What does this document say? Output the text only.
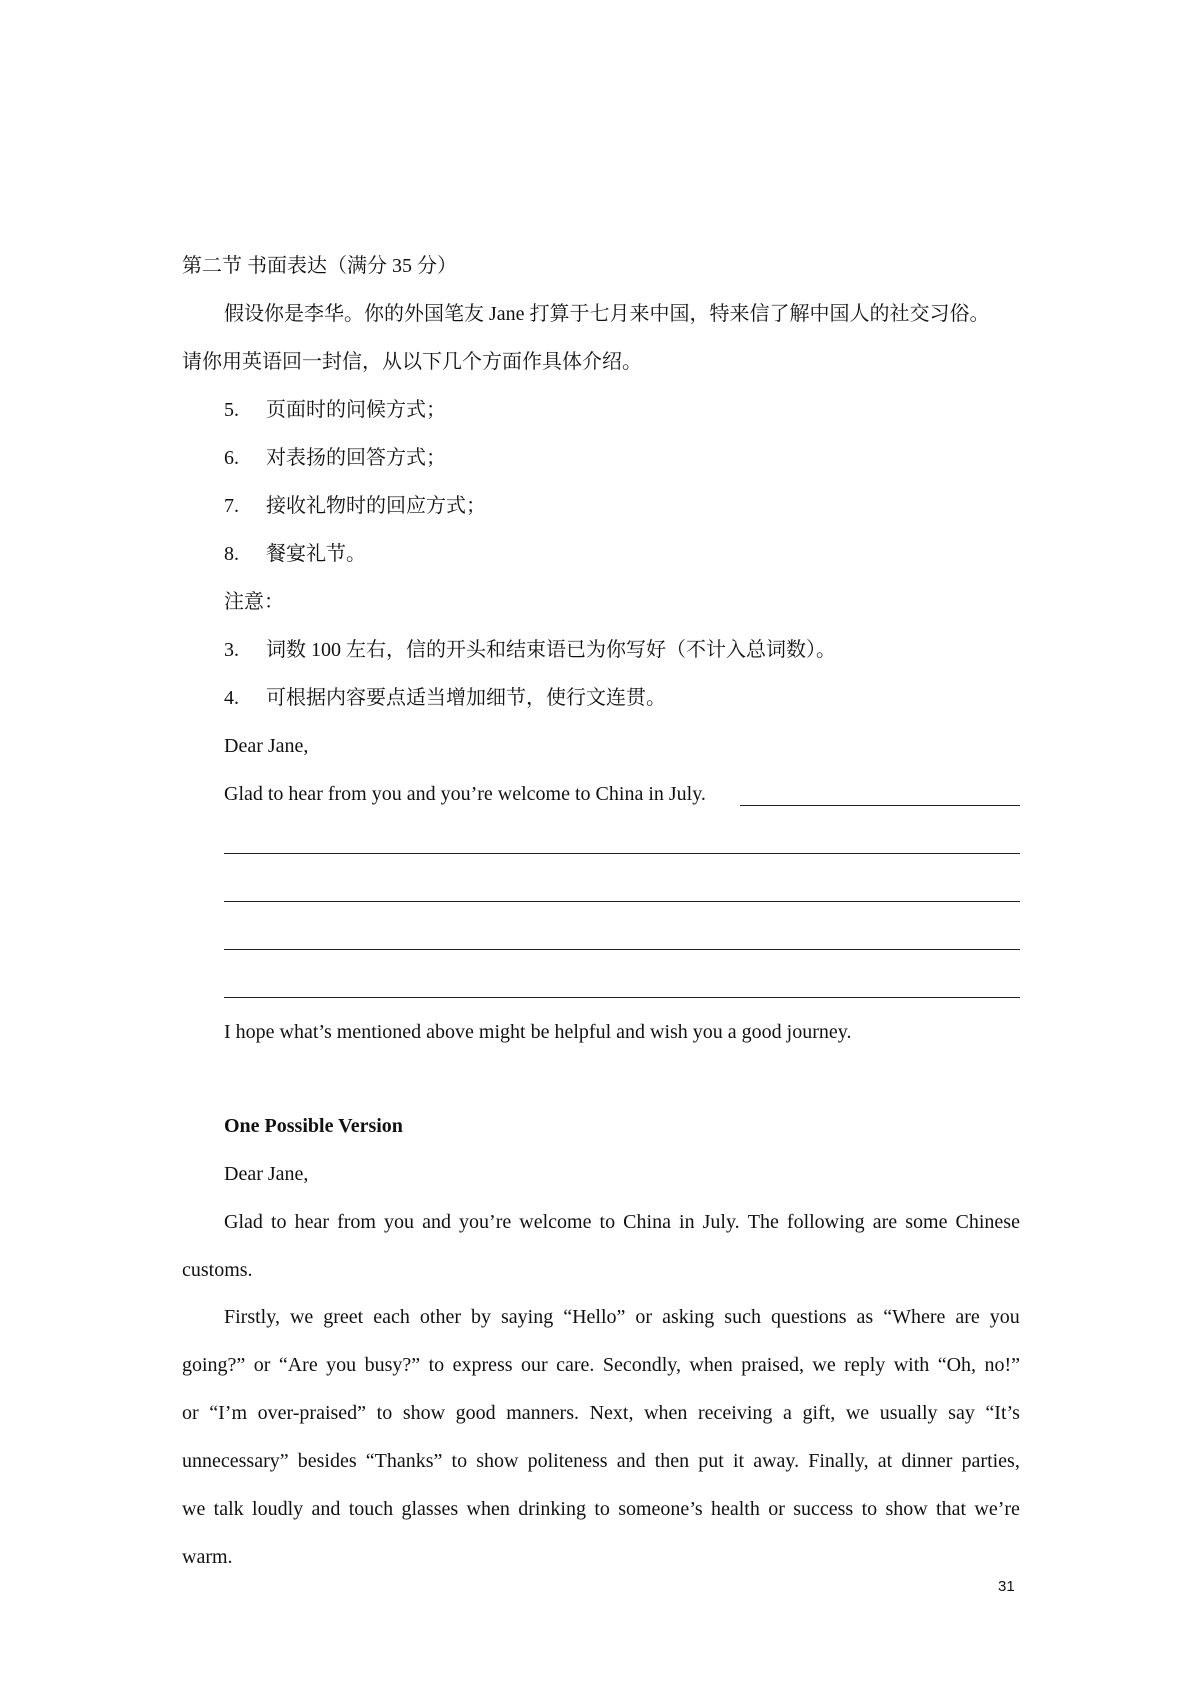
第二节 书面表达（满分 35 分）
假设你是李华。你的外国笔友 Jane 打算于七月来中国，特来信了解中国人的社交习俗。
请你用英语回一封信，从以下几个方面作具体介绍。
5. 页面时的问候方式；
6. 对表扬的回答方式；
7. 接收礼物时的回应方式；
8. 餐宴礼节。
注意：
3. 词数 100 左右，信的开头和结束语已为你写好（不计入总词数）。
4. 可根据内容要点适当增加细节，使行文连贯。
Dear Jane,
Glad to hear from you and you’re welcome to China in July.
I hope what’s mentioned above might be helpful and wish you a good journey.
One Possible Version
Dear Jane,
Glad to hear from you and you’re welcome to China in July. The following are some Chinese
customs.
Firstly, we greet each other by saying “Hello” or asking such questions as “Where are you
going?” or “Are you busy?” to express our care. Secondly, when praised, we reply with “Oh, no!”
or “I’m over-praised” to show good manners. Next, when receiving a gift, we usually say “It’s
unnecessary” besides “Thanks” to show politeness and then put it away. Finally, at dinner parties,
we talk loudly and touch glasses when drinking to someone’s health or success to show that we’re
warm.
31
